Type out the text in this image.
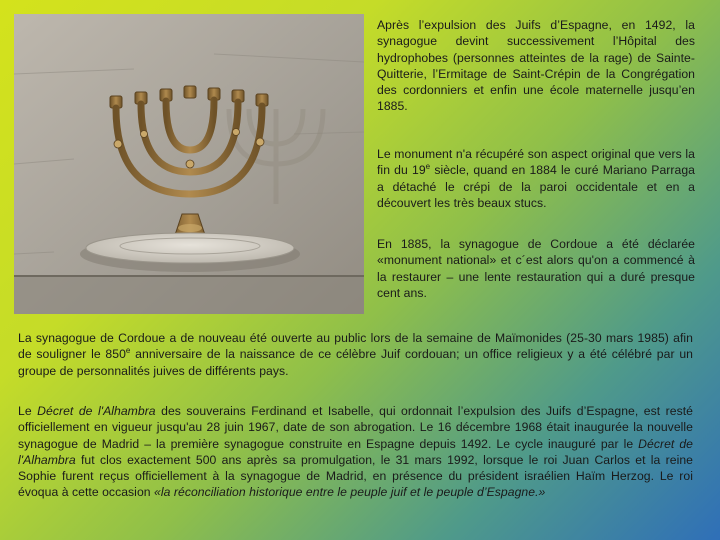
Après l’expulsion des Juifs d’Espagne, en 1492, la synagogue devint successivement l’Hôpital des hydrophobes (personnes atteintes de la rage) de Sainte-Quitterie, l’Ermitage de Saint-Crépin de la Congrégation des cordonniers et enfin une école maternelle jusqu’en 1885.

Le monument n'a récupéré son aspect original que vers la fin du 19e siècle, quand en 1884 le curé Mariano Parraga a détaché le crépi de la paroi occidentale et en a découvert les très beaux stucs.

En 1885, la synagogue de Cordoue a été déclarée «monument national» et c´est alors qu'on a commencé à la restaurer – une lente restauration qui a duré presque cent ans.

La synagogue de Cordoue a de nouveau été ouverte au public lors de la semaine de Maïmonides (25-30 mars 1985) afin de souligner le 850e anniversaire de la naissance de ce célèbre Juif cordouan; un office religieux y a été célébré par un groupe de personnalités juives de différents pays.

Le Décret de l'Alhambra des souverains Ferdinand et Isabelle, qui ordonnait l’expulsion des Juifs d’Espagne, est resté officiellement en vigueur jusqu'au 28 juin 1967, date de son abrogation. Le 16 décembre 1968 était inaugurée la nouvelle synagogue de Madrid – la première synagogue construite en Espagne depuis 1492. Le cycle inauguré par le Décret de l'Alhambra fut clos exactement 500 ans après sa promulgation, le 31 mars 1992, lorsque le roi Juan Carlos et la reine Sophie furent reçus officiellement à la synagogue de Madrid, en présence du président israélien Haïm Herzog. Le roi évoqua à cette occasion «la réconciliation historique entre le peuple juif et le peuple d’Espagne.»
